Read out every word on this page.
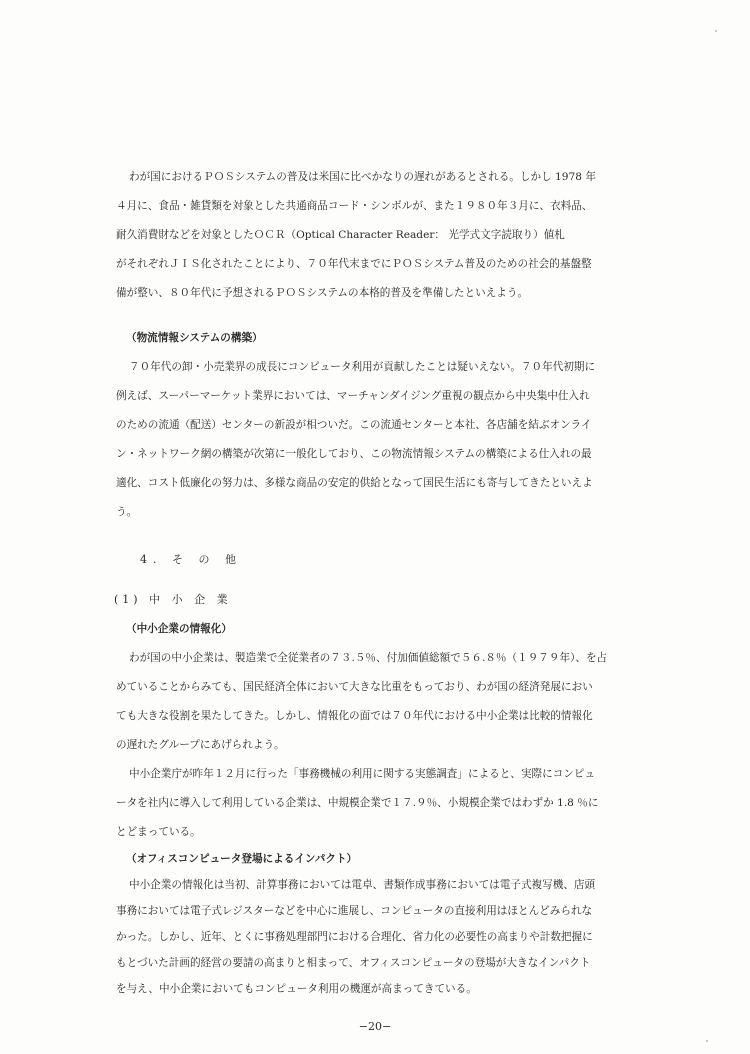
わが国におけるＰＯＳシステムの普及は米国に比べかなりの遅れがあるとされる。しかし 1978 年
４月に、食品・雑貨類を対象とした共通商品コード・シンボルが、また１９８０年３月に、衣料品、
耐久消費財などを対象としたＯＣＲ（Optical Character Reader： 光学式文字読取り）値札
がそれぞれＪＩＳ化されたことにより、７０年代末までにＰＯＳシステム普及のための社会的基盤整
備が整い、８０年代に予想されるＰＯＳシステムの本格的普及を準備したといえよう。
（物流情報システムの構築）
７０年代の卸・小売業界の成長にコンピュータ利用が貢献したことは疑いえない。７０年代初期に
例えば、スーパーマーケット業界においては、マーチャンダイジング重視の観点から中央集中仕入れ
のための流通（配送）センターの新設が相ついだ。この流通センターと本社、各店舗を結ぶオンライ
ン・ネットワーク網の構築が次第に一般化しており、この物流情報システムの構築による仕入れの最
適化、コスト低廉化の努力は、多様な商品の安定的供給となって国民生活にも寄与してきたといえよ
う。
4. そ の 他
(1) 中 小 企 業
（中小企業の情報化）
わが国の中小企業は、製造業で全従業者の７３.５％、付加価値総額で５６.８％（１９７９年）、を占
めていることからみても、国民経済全体において大きな比重をもっており、わが国の経済発展におい
ても大きな役割を果たしてきた。しかし、情報化の面では７０年代における中小企業は比較的情報化
の遅れたグループにあげられよう。
中小企業庁が昨年１２月に行った「事務機械の利用に関する実態調査」によると、実際にコンピュ
ータを社内に導入して利用している企業は、中規模企業で１７.９％、小規模企業ではわずか 1.8 ％に
とどまっている。
（オフィスコンピュータ登場によるインパクト）
中小企業の情報化は当初、計算事務においては電卓、書類作成事務においては電子式複写機、店頭
事務においては電子式レジスターなどを中心に進展し、コンピュータの直接利用はほとんどみられな
かった。しかし、近年、とくに事務処理部門における合理化、省力化の必要性の高まりや計数把握に
もとづいた計画的経営の要請の高まりと相まって、オフィスコンピュータの登場が大きなインパクト
を与え、中小企業においてもコンピュータ利用の機運が高まってきている。
−20−
